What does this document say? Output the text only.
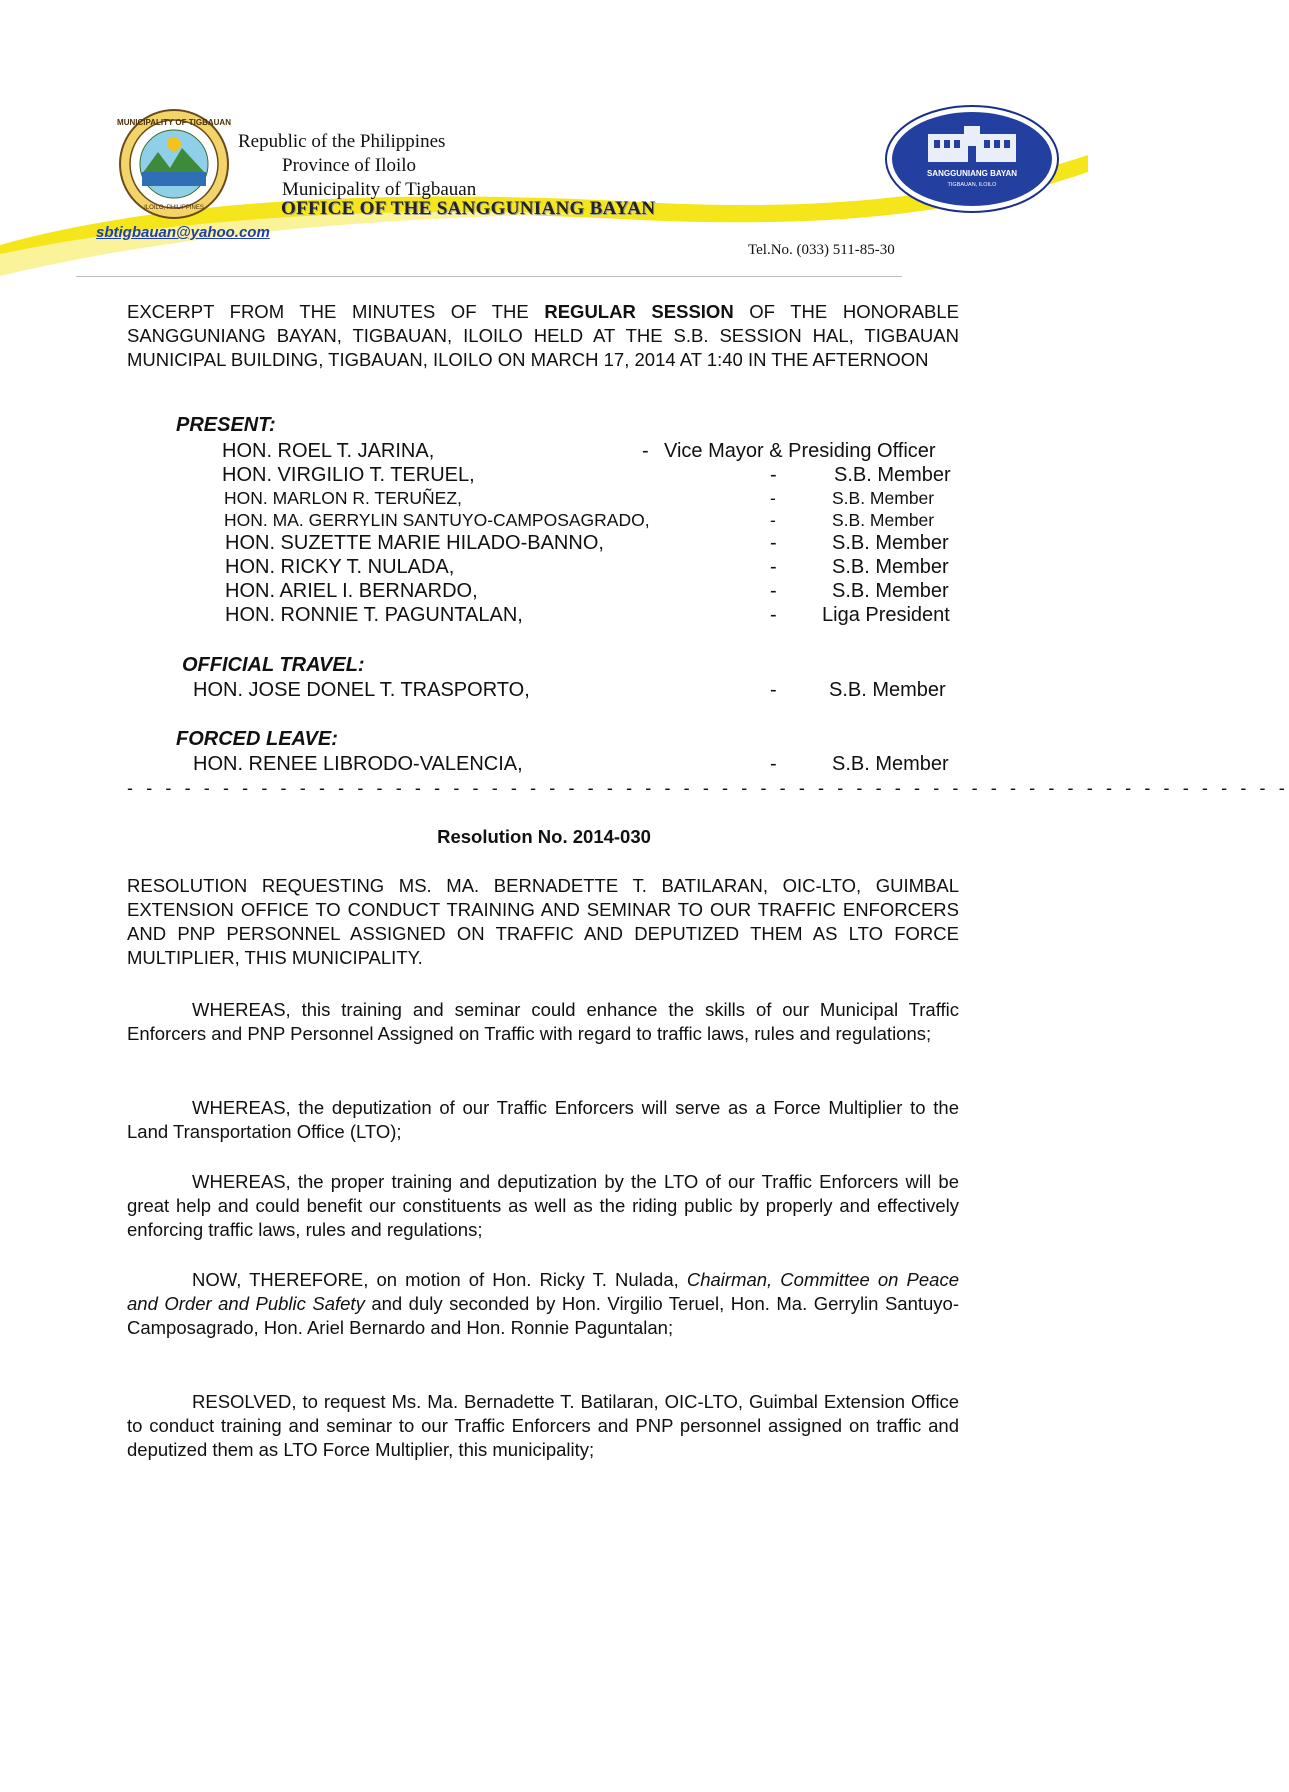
MUNICIPALITY OF TIGBAUAN
ILOILO, PHILIPPINES
Republic of the Philippines
Province of Iloilo
Municipality of Tigbauan
OFFICE OF THE SANGGUNIANG BAYAN
sbtigbauan@yahoo.com
SANGGUNIANG BAYAN
TIGBAUAN, ILOILO
Tel.No. (033) 511-85-30
EXCERPT FROM THE MINUTES OF THE REGULAR SESSION OF THE HONORABLE SANGGUNIANG BAYAN, TIGBAUAN, ILOILO HELD AT THE S.B. SESSION HAL, TIGBAUAN MUNICIPAL BUILDING, TIGBAUAN, ILOILO ON MARCH 17, 2014 AT 1:40 IN THE AFTERNOON
PRESENT:
HON. ROEL T. JARINA,	- Vice Mayor & Presiding Officer
HON. VIRGILIO T. TERUEL,	-	S.B. Member
HON. MARLON R. TERUÑEZ,	-	S.B. Member
HON. MA. GERRYLIN SANTUYO-CAMPOSAGRADO,	-	S.B. Member
HON. SUZETTE MARIE HILADO-BANNO,	-	S.B. Member
HON. RICKY T. NULADA,	-	S.B. Member
HON. ARIEL I. BERNARDO,	-	S.B. Member
HON. RONNIE T. PAGUNTALAN,	- Liga President
OFFICIAL TRAVEL:
HON. JOSE DONEL T. TRASPORTO,	-	S.B. Member
FORCED LEAVE:
HON. RENEE LIBRODO-VALENCIA,	-	S.B. Member
- - - - - - - - - - - - - - - - - - - - - - - - - - - - - - - - - - - - - - - - - - - - - - - - - - - - - - - - - - - - -
Resolution No. 2014-030
RESOLUTION REQUESTING MS. MA. BERNADETTE T. BATILARAN, OIC-LTO, GUIMBAL EXTENSION OFFICE TO CONDUCT TRAINING AND SEMINAR TO OUR TRAFFIC ENFORCERS AND PNP PERSONNEL ASSIGNED ON TRAFFIC AND DEPUTIZED THEM AS LTO FORCE MULTIPLIER, THIS MUNICIPALITY.
WHEREAS, this training and seminar could enhance the skills of our Municipal Traffic Enforcers and PNP Personnel Assigned on Traffic with regard to traffic laws, rules and regulations;
WHEREAS, the deputization of our Traffic Enforcers will serve as a Force Multiplier to the Land Transportation Office (LTO);
WHEREAS, the proper training and deputization by the LTO of our Traffic Enforcers will be great help and could benefit our constituents as well as the riding public by properly and effectively enforcing traffic laws, rules and regulations;
NOW, THEREFORE, on motion of Hon. Ricky T. Nulada, Chairman, Committee on Peace and Order and Public Safety and duly seconded by Hon. Virgilio Teruel, Hon. Ma. Gerrylin Santuyo-Camposagrado, Hon. Ariel Bernardo and Hon. Ronnie Paguntalan;
RESOLVED, to request Ms. Ma. Bernadette T. Batilaran, OIC-LTO, Guimbal Extension Office to conduct training and seminar to our Traffic Enforcers and PNP personnel assigned on traffic and deputized them as LTO Force Multiplier, this municipality;
